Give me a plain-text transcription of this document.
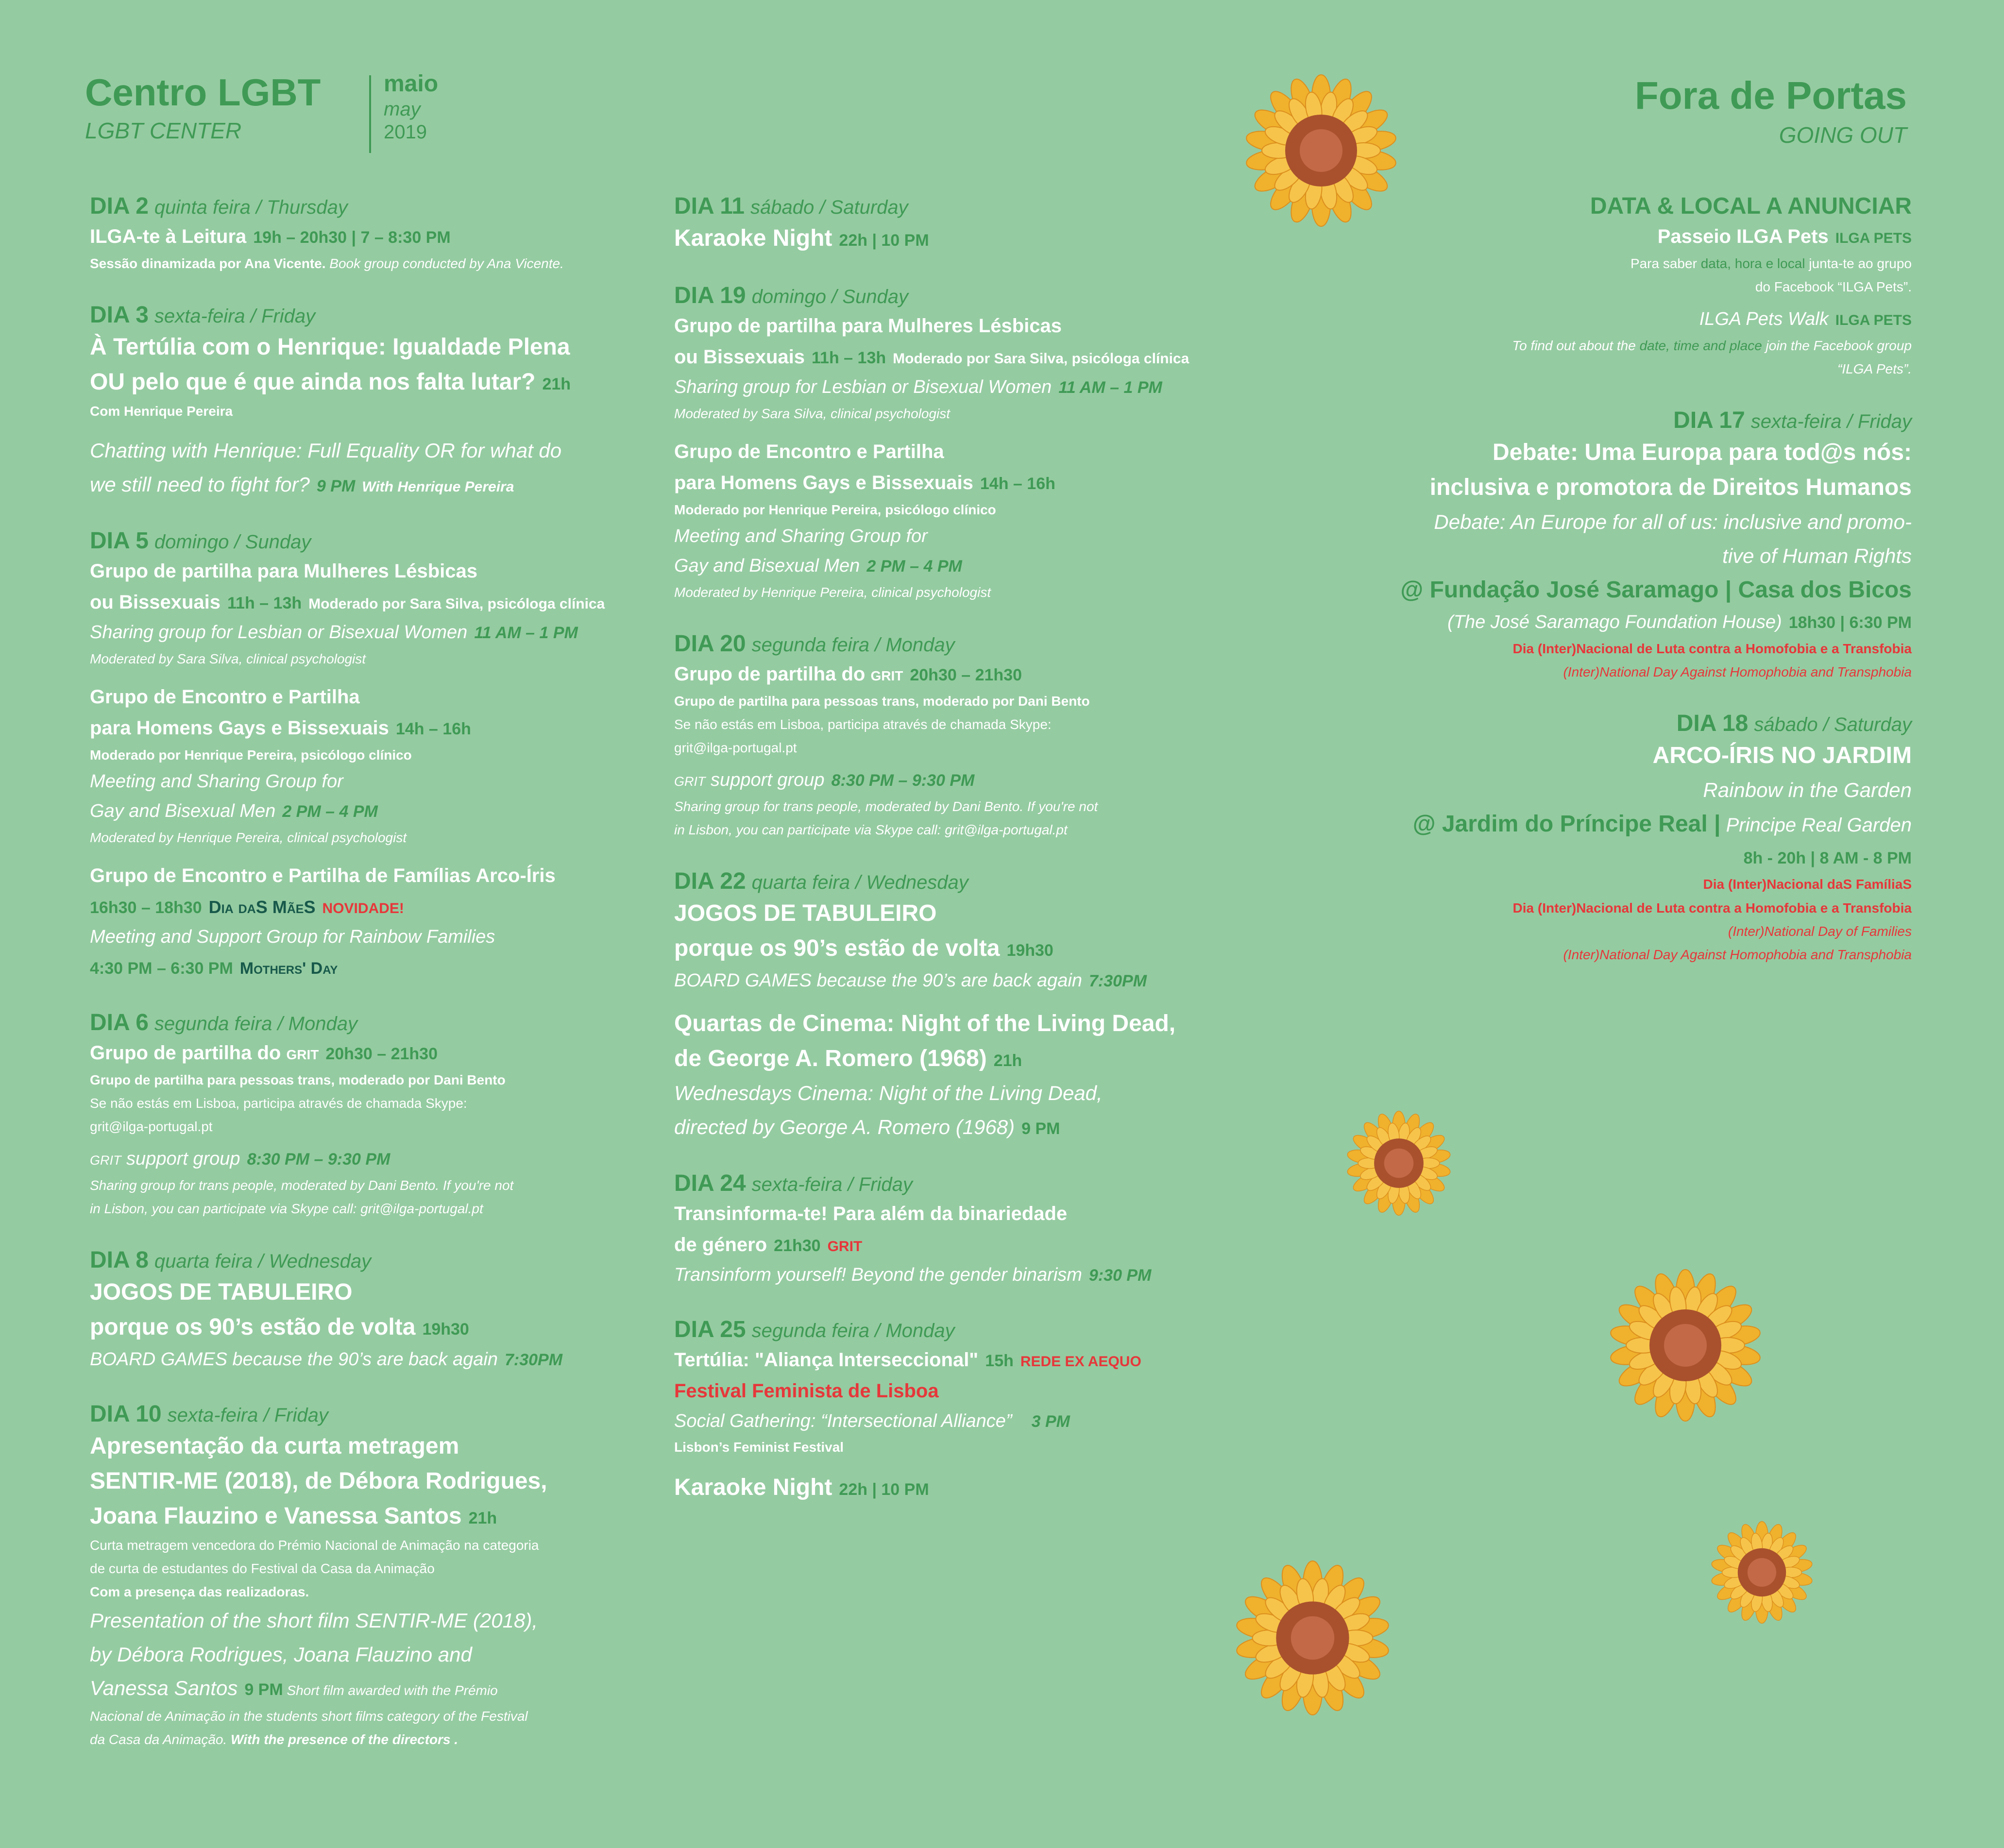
Centro LGBT
LGBT CENTER
maio
may
2019
Fora de Portas
GOING OUT
DIA 2 quinta feira / Thursday
ILGA-te à Leitura 19h – 20h30 | 7 – 8:30 PM
Sessão dinamizada por Ana Vicente. Book group conducted by Ana Vicente.
DIA 3 sexta-feira / Friday
À Tertúlia com o Henrique: Igualdade Plena
OU pelo que é que ainda nos falta lutar? 21h
Com Henrique Pereira
Chatting with Henrique: Full Equality OR for what do
we still need to fight for? 9 PM With Henrique Pereira
DIA 5 domingo / Sunday
Grupo de partilha para Mulheres Lésbicas
ou Bissexuais 11h – 13h Moderado por Sara Silva, psicóloga clínica
Sharing group for Lesbian or Bisexual Women 11 AM – 1 PM
Moderated by Sara Silva, clinical psychologist
Grupo de Encontro e Partilha
para Homens Gays e Bissexuais 14h – 16h
Moderado por Henrique Pereira, psicólogo clínico
Meeting and Sharing Group for
Gay and Bisexual Men 2 PM – 4 PM
Moderated by Henrique Pereira, clinical psychologist
Grupo de Encontro e Partilha de Famílias Arco-Íris
16h30 – 18h30 Dia daS MãeS NOVIDADE!
Meeting and Support Group for Rainbow Families
4:30 PM – 6:30 PM Mothers' Day
DIA 6 segunda feira / Monday
Grupo de partilha do grit 20h30 – 21h30
Grupo de partilha para pessoas trans, moderado por Dani Bento
Se não estás em Lisboa, participa através de chamada Skype:
grit@ilga-portugal.pt
grit support group 8:30 PM – 9:30 PM
Sharing group for trans people, moderated by Dani Bento. If you're not
in Lisbon, you can participate via Skype call: grit@ilga-portugal.pt
DIA 8 quarta feira / Wednesday
JOGOS DE TABULEIRO
porque os 90’s estão de volta 19h30
BOARD GAMES because the 90’s are back again 7:30PM
DIA 10 sexta-feira / Friday
Apresentação da curta metragem
SENTIR-ME (2018), de Débora Rodrigues,
Joana Flauzino e Vanessa Santos 21h
Curta metragem vencedora do Prémio Nacional de Animação na categoria
de curta de estudantes do Festival da Casa da Animação
Com a presença das realizadoras.
Presentation of the short film SENTIR-ME (2018),
by Débora Rodrigues, Joana Flauzino and
Vanessa Santos 9 PM Short film awarded with the Prémio
Nacional de Animação in the students short films category of the Festival
da Casa da Animação. With the presence of the directors .
DIA 11 sábado / Saturday
Karaoke Night 22h | 10 PM
DIA 19 domingo / Sunday
Grupo de partilha para Mulheres Lésbicas
ou Bissexuais 11h – 13h Moderado por Sara Silva, psicóloga clínica
Sharing group for Lesbian or Bisexual Women 11 AM – 1 PM
Moderated by Sara Silva, clinical psychologist
Grupo de Encontro e Partilha
para Homens Gays e Bissexuais 14h – 16h
Moderado por Henrique Pereira, psicólogo clínico
Meeting and Sharing Group for
Gay and Bisexual Men 2 PM – 4 PM
Moderated by Henrique Pereira, clinical psychologist
DIA 20 segunda feira / Monday
Grupo de partilha do grit 20h30 – 21h30
Grupo de partilha para pessoas trans, moderado por Dani Bento
Se não estás em Lisboa, participa através de chamada Skype:
grit@ilga-portugal.pt
grit support group 8:30 PM – 9:30 PM
Sharing group for trans people, moderated by Dani Bento. If you're not
in Lisbon, you can participate via Skype call: grit@ilga-portugal.pt
DIA 22 quarta feira / Wednesday
JOGOS DE TABULEIRO
porque os 90’s estão de volta 19h30
BOARD GAMES because the 90’s are back again 7:30PM
Quartas de Cinema: Night of the Living Dead,
de George A. Romero (1968) 21h
Wednesdays Cinema: Night of the Living Dead,
directed by George A. Romero (1968) 9 PM
DIA 24 sexta-feira / Friday
Transinforma-te! Para além da binariedade
de género 21h30 GRIT
Transinform yourself! Beyond the gender binarism 9:30 PM
DIA 25 segunda feira / Monday
Tertúlia: "Aliança Interseccional" 15h REDE EX AEQUO
Festival Feminista de Lisboa
Social Gathering: “Intersectional Alliance” 3 PM
Lisbon’s Feminist Festival
Karaoke Night 22h | 10 PM
DATA & LOCAL A ANUNCIAR
Passeio ILGA Pets ILGA PETS
Para saber data, hora e local junta-te ao grupo
do Facebook “ILGA Pets”.
ILGA Pets Walk ILGA PETS
To find out about the date, time and place join the Facebook group
“ILGA Pets”.
DIA 17 sexta-feira / Friday
Debate: Uma Europa para tod@s nós:
inclusiva e promotora de Direitos Humanos
Debate: An Europe for all of us: inclusive and promo-
tive of Human Rights
@ Fundação José Saramago | Casa dos Bicos
(The José Saramago Foundation House) 18h30 | 6:30 PM
Dia (Inter)Nacional de Luta contra a Homofobia e a Transfobia
(Inter)National Day Against Homophobia and Transphobia
DIA 18 sábado / Saturday
ARCO-ÍRIS NO JARDIM
Rainbow in the Garden
@ Jardim do Príncipe Real | Principe Real Garden
8h - 20h | 8 AM - 8 PM
Dia (Inter)Nacional daS FamíliaS
Dia (Inter)Nacional de Luta contra a Homofobia e a Transfobia
(Inter)National Day of Families
(Inter)National Day Against Homophobia and Transphobia
